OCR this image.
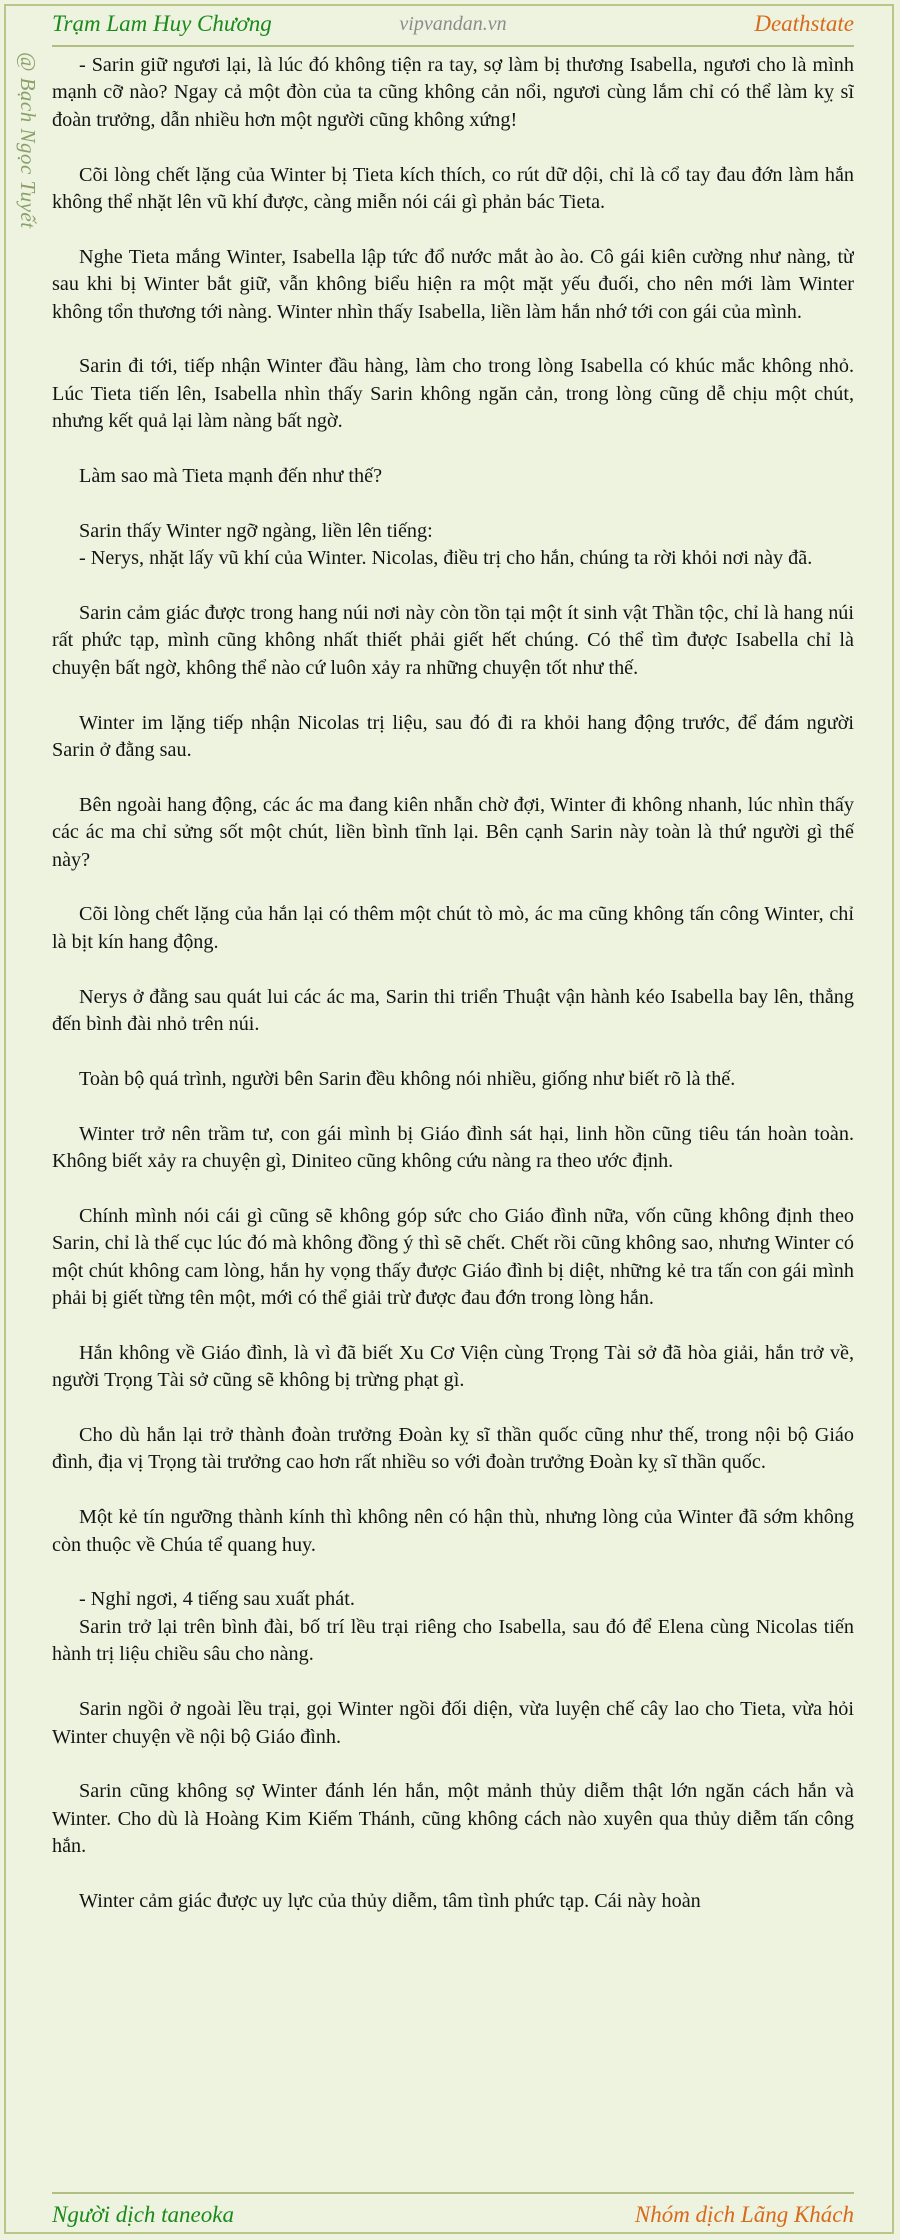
Trạm Lam Huy Chương	vipvandan.vn	Deathstate
@ Bạch Ngọc Tuyết	- Sarin giữ ngươi lại, là lúc đó không tiện ra tay, sợ làm bị thương Isabella, ngươi cho là mình mạnh cỡ nào? Ngay cả một đòn của ta cũng không cản nổi, ngươi cùng lắm chỉ có thể làm kỵ sĩ đoàn trưởng, dẫn nhiều hơn một người cũng không xứng!

Cõi lòng chết lặng của Winter bị Tieta kích thích, co rút dữ dội, chỉ là cổ tay đau đớn làm hắn không thể nhặt lên vũ khí được, càng miễn nói cái gì phản bác Tieta.

Nghe Tieta mắng Winter, Isabella lập tức đổ nước mắt ào ào. Cô gái kiên cường như nàng, từ sau khi bị Winter bắt giữ, vẫn không biểu hiện ra một mặt yếu đuối, cho nên mới làm Winter không tổn thương tới nàng. Winter nhìn thấy Isabella, liền làm hắn nhớ tới con gái của mình.

Sarin đi tới, tiếp nhận Winter đầu hàng, làm cho trong lòng Isabella có khúc mắc không nhỏ. Lúc Tieta tiến lên, Isabella nhìn thấy Sarin không ngăn cản, trong lòng cũng dễ chịu một chút, nhưng kết quả lại làm nàng bất ngờ.

Làm sao mà Tieta mạnh đến như thế?

Sarin thấy Winter ngỡ ngàng, liền lên tiếng:

- Nerys, nhặt lấy vũ khí của Winter. Nicolas, điều trị cho hắn, chúng ta rời khỏi nơi này đã.

Sarin cảm giác được trong hang núi nơi này còn tồn tại một ít sinh vật Thần tộc, chỉ là hang núi rất phức tạp, mình cũng không nhất thiết phải giết hết chúng. Có thể tìm được Isabella chỉ là chuyện bất ngờ, không thể nào cứ luôn xảy ra những chuyện tốt như thế.

Winter im lặng tiếp nhận Nicolas trị liệu, sau đó đi ra khỏi hang động trước, để đám người Sarin ở đằng sau.

Bên ngoài hang động, các ác ma đang kiên nhẫn chờ đợi, Winter đi không nhanh, lúc nhìn thấy các ác ma chỉ sửng sốt một chút, liền bình tĩnh lại. Bên cạnh Sarin này toàn là thứ người gì thế này?

Cõi lòng chết lặng của hắn lại có thêm một chút tò mò, ác ma cũng không tấn công Winter, chỉ là bịt kín hang động.

Nerys ở đằng sau quát lui các ác ma, Sarin thi triển Thuật vận hành kéo Isabella bay lên, thẳng đến bình đài nhỏ trên núi.

Toàn bộ quá trình, người bên Sarin đều không nói nhiều, giống như biết rõ là thế.

Winter trở nên trầm tư, con gái mình bị Giáo đình sát hại, linh hồn cũng tiêu tán hoàn toàn. Không biết xảy ra chuyện gì, Diniteo cũng không cứu nàng ra theo ước định.

Chính mình nói cái gì cũng sẽ không góp sức cho Giáo đình nữa, vốn cũng không định theo Sarin, chỉ là thế cục lúc đó mà không đồng ý thì sẽ chết. Chết rồi cũng không sao, nhưng Winter có một chút không cam lòng, hắn hy vọng thấy được Giáo đình bị diệt, những kẻ tra tấn con gái mình phải bị giết từng tên một, mới có thể giải trừ được đau đớn trong lòng hắn.

Hắn không về Giáo đình, là vì đã biết Xu Cơ Viện cùng Trọng Tài sở đã hòa giải, hắn trở về, người Trọng Tài sở cũng sẽ không bị trừng phạt gì.

Cho dù hắn lại trở thành đoàn trưởng Đoàn kỵ sĩ thần quốc cũng như thế, trong nội bộ Giáo đình, địa vị Trọng tài trưởng cao hơn rất nhiều so với đoàn trưởng Đoàn kỵ sĩ thần quốc.

Một kẻ tín ngưỡng thành kính thì không nên có hận thù, nhưng lòng của Winter đã sớm không còn thuộc về Chúa tể quang huy.

- Nghỉ ngơi, 4 tiếng sau xuất phát.

Sarin trở lại trên bình đài, bố trí lều trại riêng cho Isabella, sau đó để Elena cùng Nicolas tiến hành trị liệu chiều sâu cho nàng.

Sarin ngồi ở ngoài lều trại, gọi Winter ngồi đối diện, vừa luyện chế cây lao cho Tieta, vừa hỏi Winter chuyện về nội bộ Giáo đình.

Sarin cũng không sợ Winter đánh lén hắn, một mảnh thủy diễm thật lớn ngăn cách hắn và Winter. Cho dù là Hoàng Kim Kiếm Thánh, cũng không cách nào xuyên qua thủy diễm tấn công hắn.

Winter cảm giác được uy lực của thủy diễm, tâm tình phức tạp. Cái này hoàn

Người dịch taneoka	Nhóm dịch Lãng Khách
